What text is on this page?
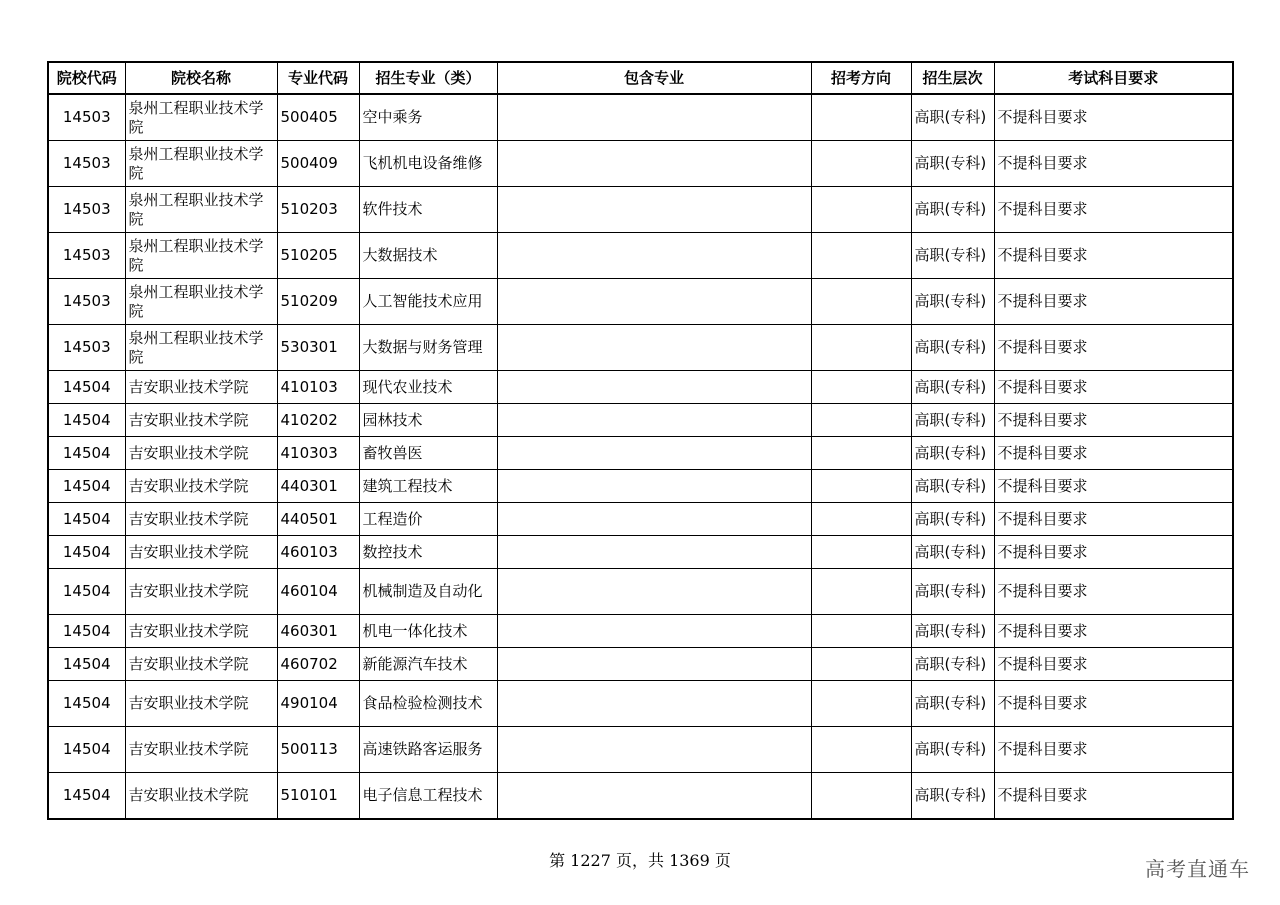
院校代码	院校名称	专业代码	招生专业（类）	包含专业	招考方向	招生层次	考试科目要求
14503	泉州工程职业技术学院	500405	空中乘务			高职(专科)	不提科目要求
14503	泉州工程职业技术学院	500409	飞机机电设备维修			高职(专科)	不提科目要求
14503	泉州工程职业技术学院	510203	软件技术			高职(专科)	不提科目要求
14503	泉州工程职业技术学院	510205	大数据技术			高职(专科)	不提科目要求
14503	泉州工程职业技术学院	510209	人工智能技术应用			高职(专科)	不提科目要求
14503	泉州工程职业技术学院	530301	大数据与财务管理			高职(专科)	不提科目要求
14504	吉安职业技术学院	410103	现代农业技术			高职(专科)	不提科目要求
14504	吉安职业技术学院	410202	园林技术			高职(专科)	不提科目要求
14504	吉安职业技术学院	410303	畜牧兽医			高职(专科)	不提科目要求
14504	吉安职业技术学院	440301	建筑工程技术			高职(专科)	不提科目要求
14504	吉安职业技术学院	440501	工程造价			高职(专科)	不提科目要求
14504	吉安职业技术学院	460103	数控技术			高职(专科)	不提科目要求
14504	吉安职业技术学院	460104	机械制造及自动化			高职(专科)	不提科目要求
14504	吉安职业技术学院	460301	机电一体化技术			高职(专科)	不提科目要求
14504	吉安职业技术学院	460702	新能源汽车技术			高职(专科)	不提科目要求
14504	吉安职业技术学院	490104	食品检验检测技术			高职(专科)	不提科目要求
14504	吉安职业技术学院	500113	高速铁路客运服务			高职(专科)	不提科目要求
14504	吉安职业技术学院	510101	电子信息工程技术			高职(专科)	不提科目要求
第 1227 页，共 1369 页	高考直通车
